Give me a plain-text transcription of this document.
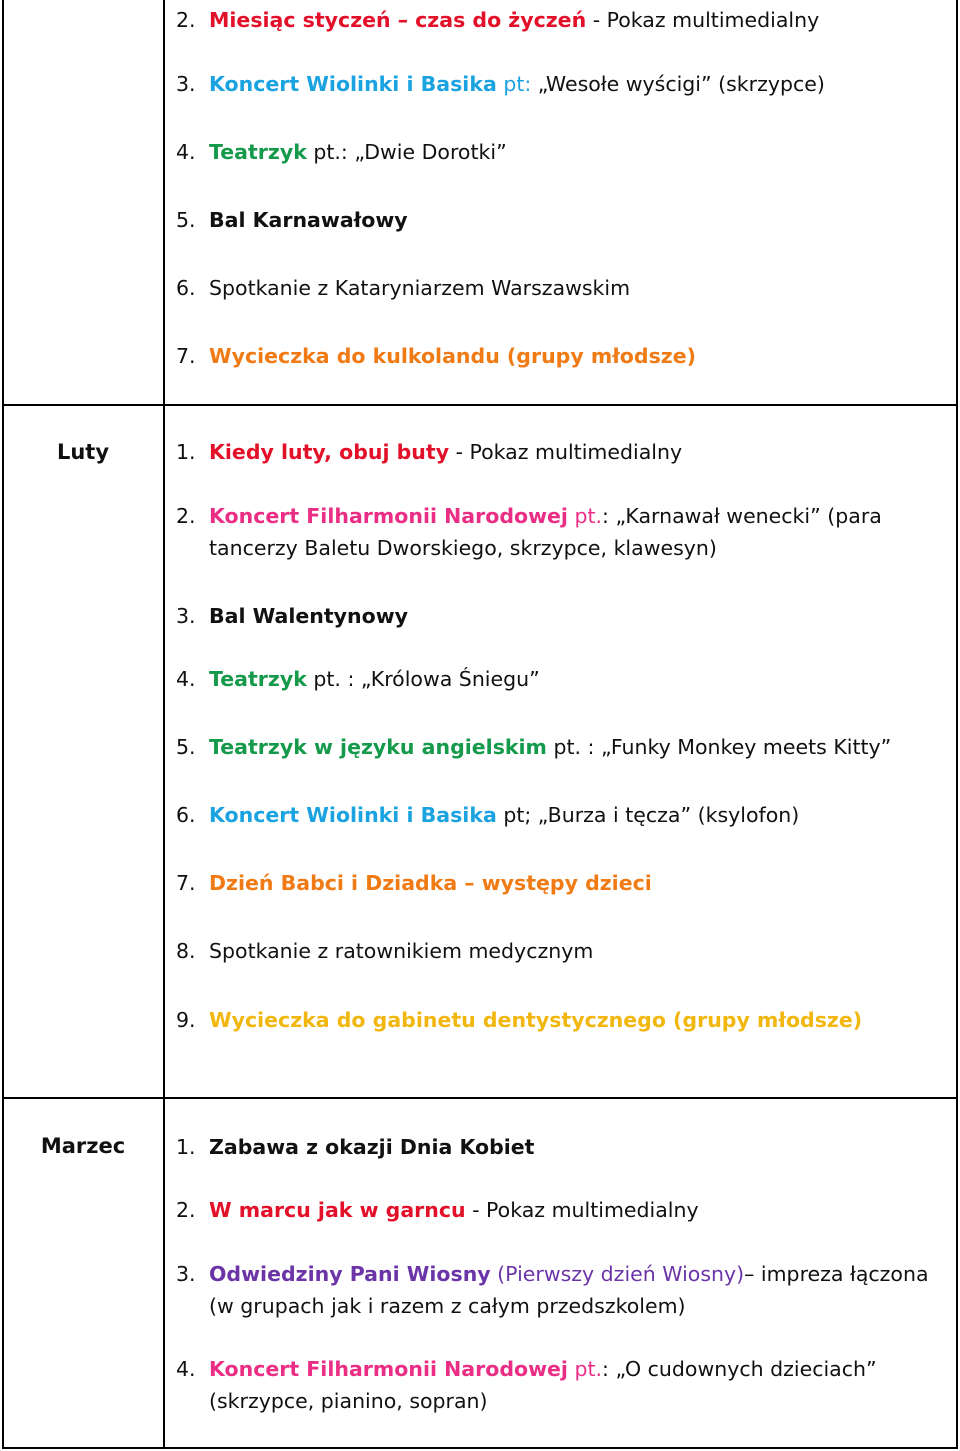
2. Miesiąc styczeń – czas do życzeń - Pokaz multimedialny
3. Koncert Wiolinki i Basika pt: „Wesołe wyścigi” (skrzypce)
4. Teatrzyk pt.: „Dwie Dorotki”
5. Bal Karnawałowy
6. Spotkanie z Kataryniarzem Warszawskim
7. Wycieczka do kulkolandu (grupy młodsze)
Luty	1. Kiedy luty, obuj buty - Pokaz multimedialny
2. Koncert Filharmonii Narodowej pt.: „Karnawał wenecki” (para
tancerzy Baletu Dworskiego, skrzypce, klawesyn)
3. Bal Walentynowy
4. Teatrzyk pt. : „Królowa Śniegu”
5. Teatrzyk w języku angielskim pt. : „Funky Monkey meets Kitty”
6. Koncert Wiolinki i Basika pt; „Burza i tęcza” (ksylofon)
7. Dzień Babci i Dziadka – występy dzieci
8. Spotkanie z ratownikiem medycznym
9. Wycieczka do gabinetu dentystycznego (grupy młodsze)
Marzec	1. Zabawa z okazji Dnia Kobiet
2. W marcu jak w garncu - Pokaz multimedialny
3. Odwiedziny Pani Wiosny (Pierwszy dzień Wiosny)– impreza łączona
(w grupach jak i razem z całym przedszkolem)
4. Koncert Filharmonii Narodowej pt.: „O cudownych dzieciach”
(skrzypce, pianino, sopran)
